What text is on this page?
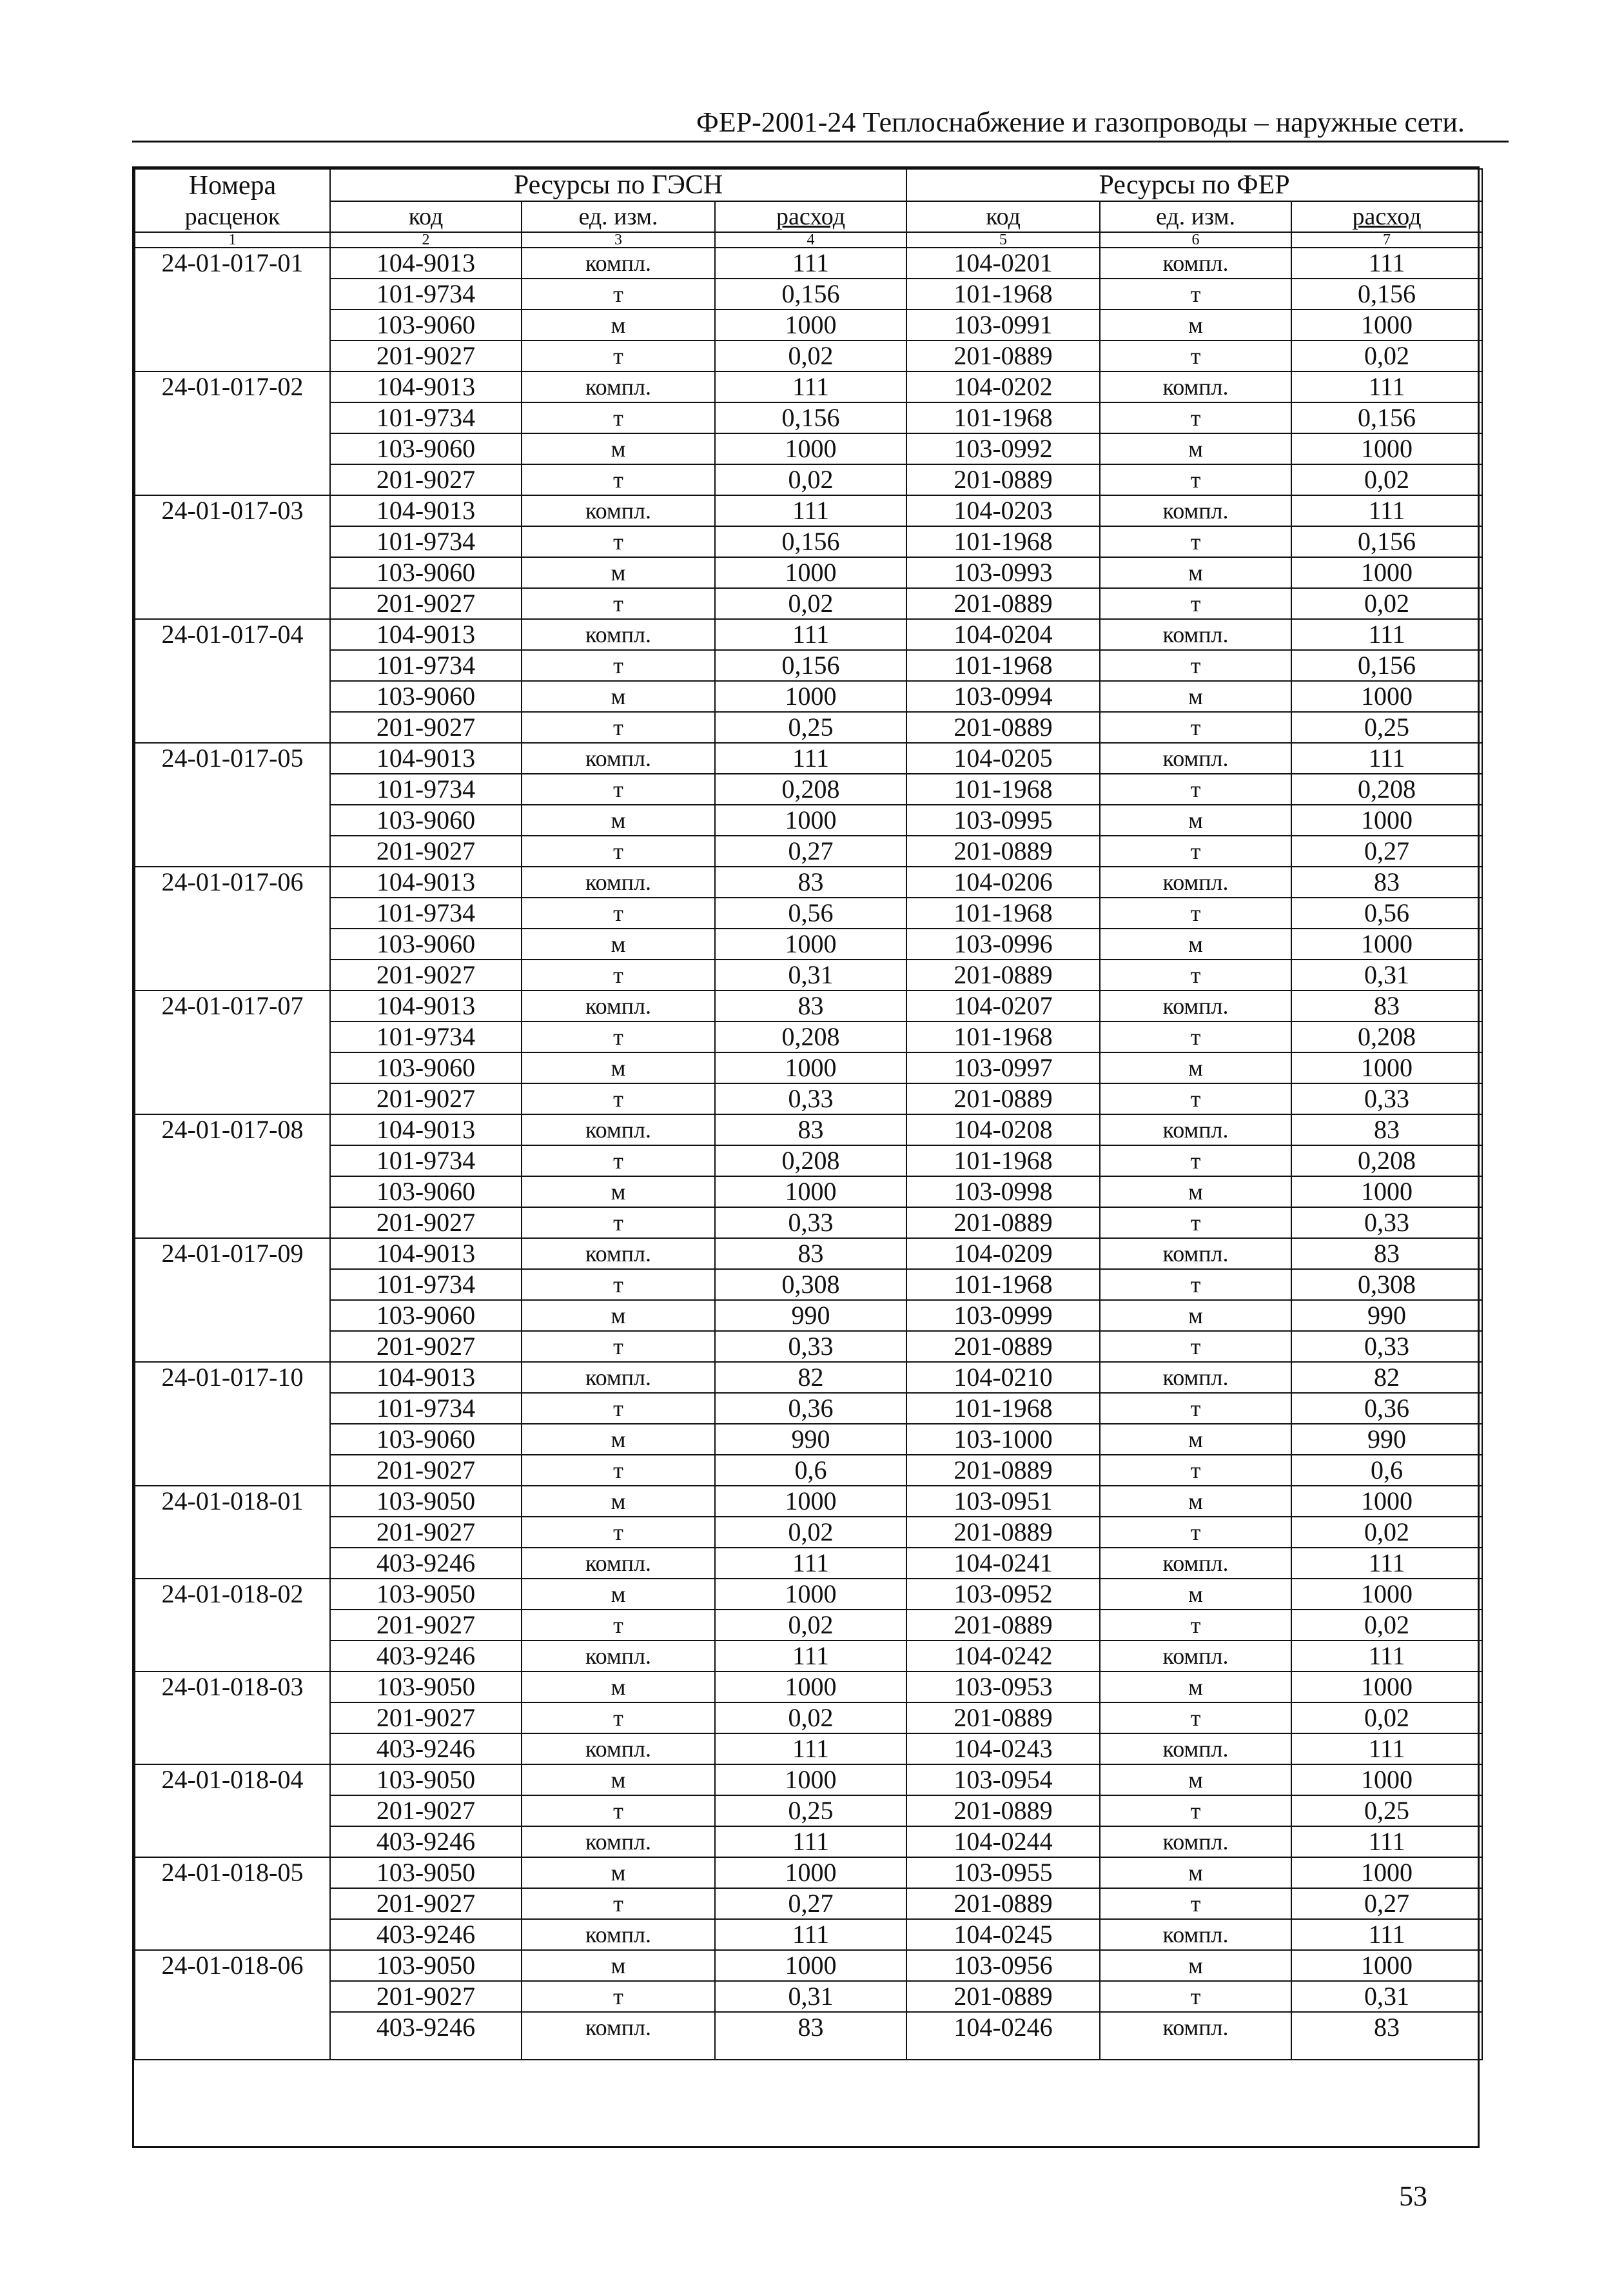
ФЕР-2001-24 Теплоснабжение и газопроводы – наружные сети.
Номера	Ресурсы по ГЭСН			Ресурсы по ФЕР		
расценок	код	ед. изм.	расход	код	ед. изм.	расход
1	2	3	4	5	6	7
24-01-017-01	104-9013	компл.	111	104-0201	компл.	111
	101-9734	т	0,156	101-1968	т	0,156
	103-9060	м	1000	103-0991	м	1000
	201-9027	т	0,02	201-0889	т	0,02
24-01-017-02	104-9013	компл.	111	104-0202	компл.	111
	101-9734	т	0,156	101-1968	т	0,156
	103-9060	м	1000	103-0992	м	1000
	201-9027	т	0,02	201-0889	т	0,02
24-01-017-03	104-9013	компл.	111	104-0203	компл.	111
	101-9734	т	0,156	101-1968	т	0,156
	103-9060	м	1000	103-0993	м	1000
	201-9027	т	0,02	201-0889	т	0,02
24-01-017-04	104-9013	компл.	111	104-0204	компл.	111
	101-9734	т	0,156	101-1968	т	0,156
	103-9060	м	1000	103-0994	м	1000
	201-9027	т	0,25	201-0889	т	0,25
24-01-017-05	104-9013	компл.	111	104-0205	компл.	111
	101-9734	т	0,208	101-1968	т	0,208
	103-9060	м	1000	103-0995	м	1000
	201-9027	т	0,27	201-0889	т	0,27
24-01-017-06	104-9013	компл.	83	104-0206	компл.	83
	101-9734	т	0,56	101-1968	т	0,56
	103-9060	м	1000	103-0996	м	1000
	201-9027	т	0,31	201-0889	т	0,31
24-01-017-07	104-9013	компл.	83	104-0207	компл.	83
	101-9734	т	0,208	101-1968	т	0,208
	103-9060	м	1000	103-0997	м	1000
	201-9027	т	0,33	201-0889	т	0,33
24-01-017-08	104-9013	компл.	83	104-0208	компл.	83
	101-9734	т	0,208	101-1968	т	0,208
	103-9060	м	1000	103-0998	м	1000
	201-9027	т	0,33	201-0889	т	0,33
24-01-017-09	104-9013	компл.	83	104-0209	компл.	83
	101-9734	т	0,308	101-1968	т	0,308
	103-9060	м	990	103-0999	м	990
	201-9027	т	0,33	201-0889	т	0,33
24-01-017-10	104-9013	компл.	82	104-0210	компл.	82
	101-9734	т	0,36	101-1968	т	0,36
	103-9060	м	990	103-1000	м	990
	201-9027	т	0,6	201-0889	т	0,6
24-01-018-01	103-9050	м	1000	103-0951	м	1000
	201-9027	т	0,02	201-0889	т	0,02
	403-9246	компл.	111	104-0241	компл.	111
24-01-018-02	103-9050	м	1000	103-0952	м	1000
	201-9027	т	0,02	201-0889	т	0,02
	403-9246	компл.	111	104-0242	компл.	111
24-01-018-03	103-9050	м	1000	103-0953	м	1000
	201-9027	т	0,02	201-0889	т	0,02
	403-9246	компл.	111	104-0243	компл.	111
24-01-018-04	103-9050	м	1000	103-0954	м	1000
	201-9027	т	0,25	201-0889	т	0,25
	403-9246	компл.	111	104-0244	компл.	111
24-01-018-05	103-9050	м	1000	103-0955	м	1000
	201-9027	т	0,27	201-0889	т	0,27
	403-9246	компл.	111	104-0245	компл.	111
24-01-018-06	103-9050	м	1000	103-0956	м	1000
	201-9027	т	0,31	201-0889	т	0,31
	403-9246	компл.	83	104-0246	компл.	83
53
